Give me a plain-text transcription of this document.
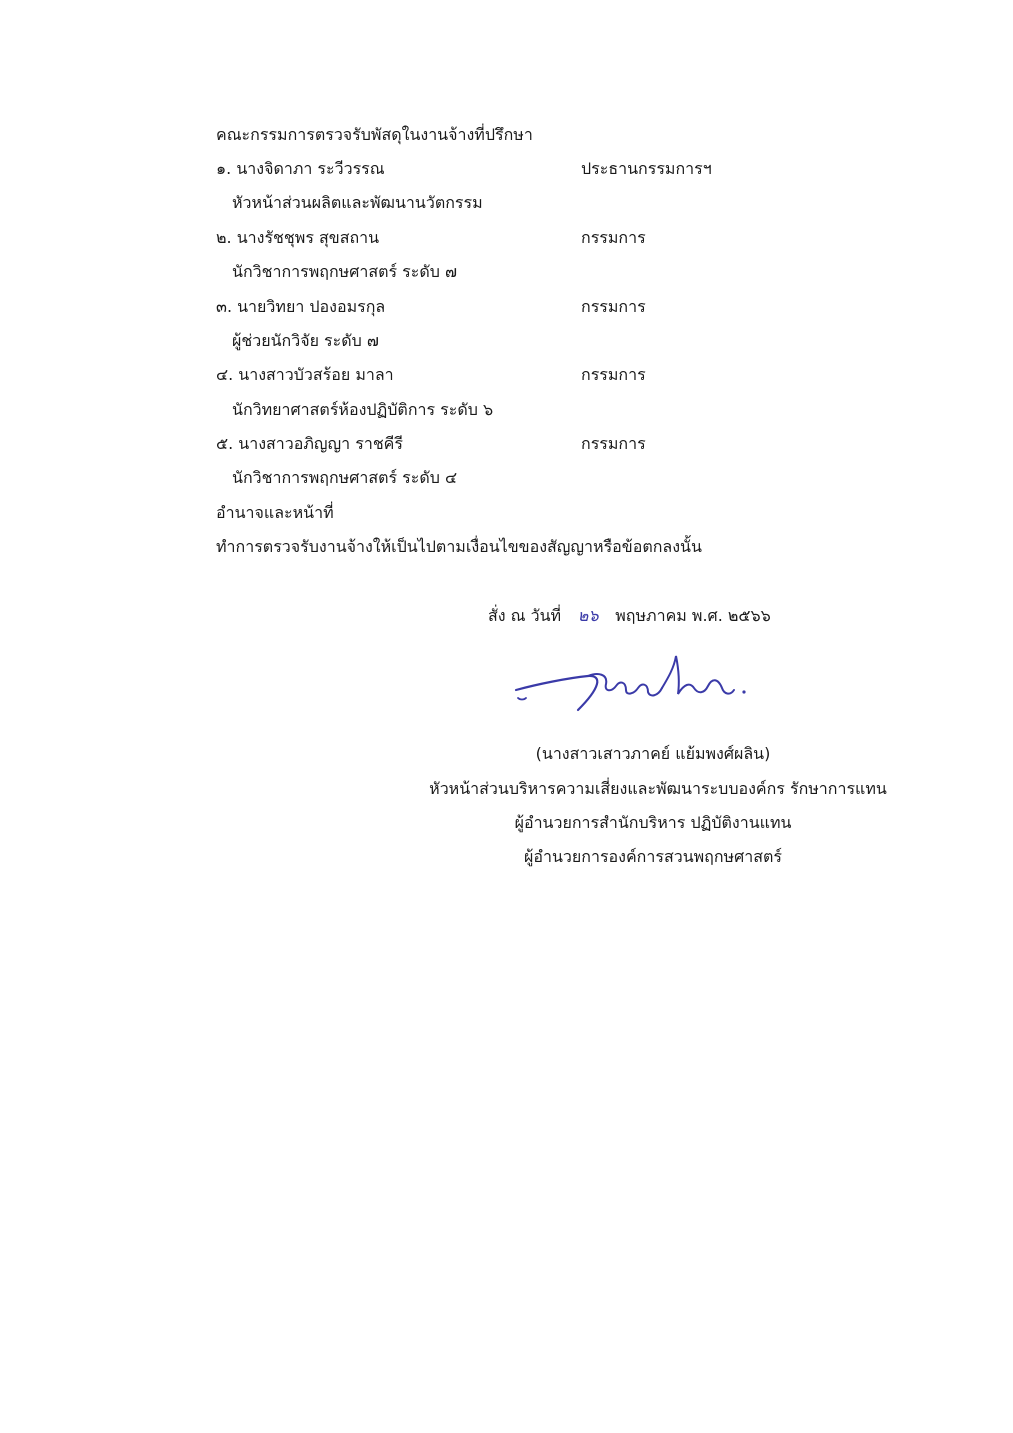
คณะกรรมการตรวจรับพัสดุในงานจ้างที่ปรึกษา
๑. นางจิดาภา ระวีวรรณ	ประธานกรรมการฯ
หัวหน้าส่วนผลิตและพัฒนานวัตกรรม
๒. นางรัชชุพร สุขสถาน	กรรมการ
นักวิชาการพฤกษศาสตร์ ระดับ ๗
๓. นายวิทยา ปองอมรกุล	กรรมการ
ผู้ช่วยนักวิจัย ระดับ ๗
๔. นางสาวบัวสร้อย มาลา	กรรมการ
นักวิทยาศาสตร์ห้องปฏิบัติการ ระดับ ๖
๕. นางสาวอภิญญา ราชคีรี	กรรมการ
นักวิชาการพฤกษศาสตร์ ระดับ ๔
อำนาจและหน้าที่
ทำการตรวจรับงานจ้างให้เป็นไปตามเงื่อนไขของสัญญาหรือข้อตกลงนั้น
สั่ง ณ วันที่ ๒๖ พฤษภาคม พ.ศ. ๒๕๖๖
(นางสาวเสาวภาคย์ แย้มพงศ์ผลิน)
หัวหน้าส่วนบริหารความเสี่ยงและพัฒนาระบบองค์กร รักษาการแทน
ผู้อำนวยการสำนักบริหาร ปฏิบัติงานแทน
ผู้อำนวยการองค์การสวนพฤกษศาสตร์
